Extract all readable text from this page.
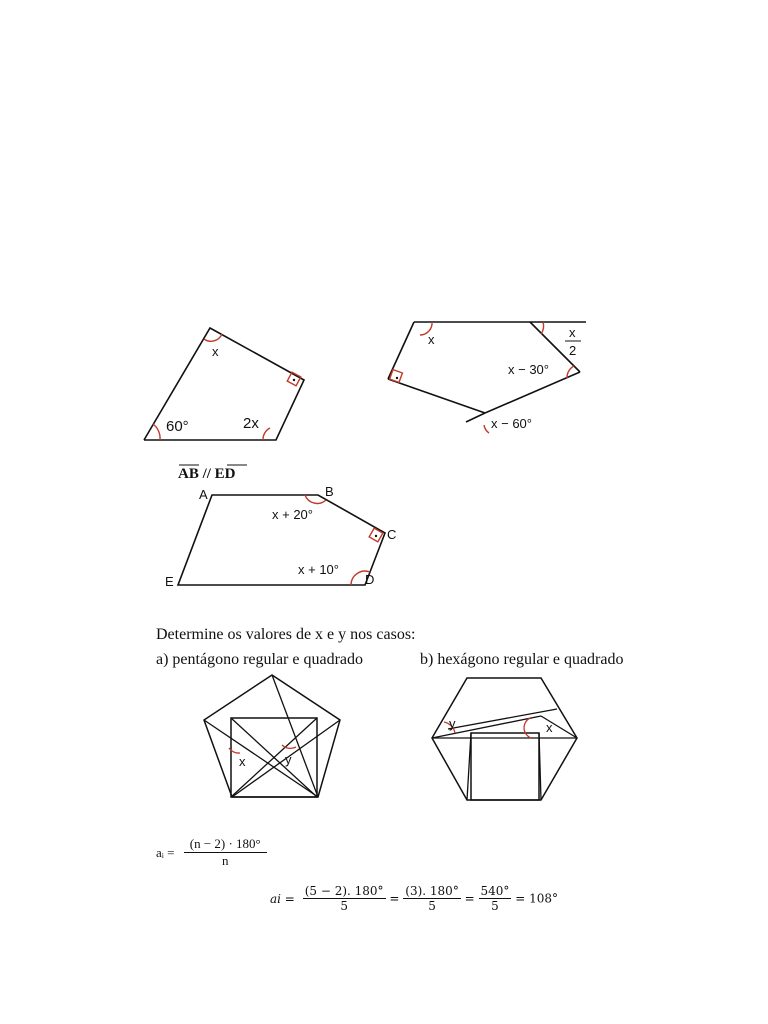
x
60°	2x
x	x
2
x − 30°
x − 60°
AB // ED
A	B
C
D
E
x + 20°
x + 10°
Determine os valores de x e y nos casos:
a) pentágono regular e quadrado	b) hexágono regular e quadrado
x	y
y	x
aᵢ = $\frac{(n - 2) \cdot 180^\circ}{n}$
ai = $\frac{(5 - 2). 180^\circ}{5} = \frac{(3). 180^\circ}{5} = \frac{540^\circ}{5} = 108^\circ$
